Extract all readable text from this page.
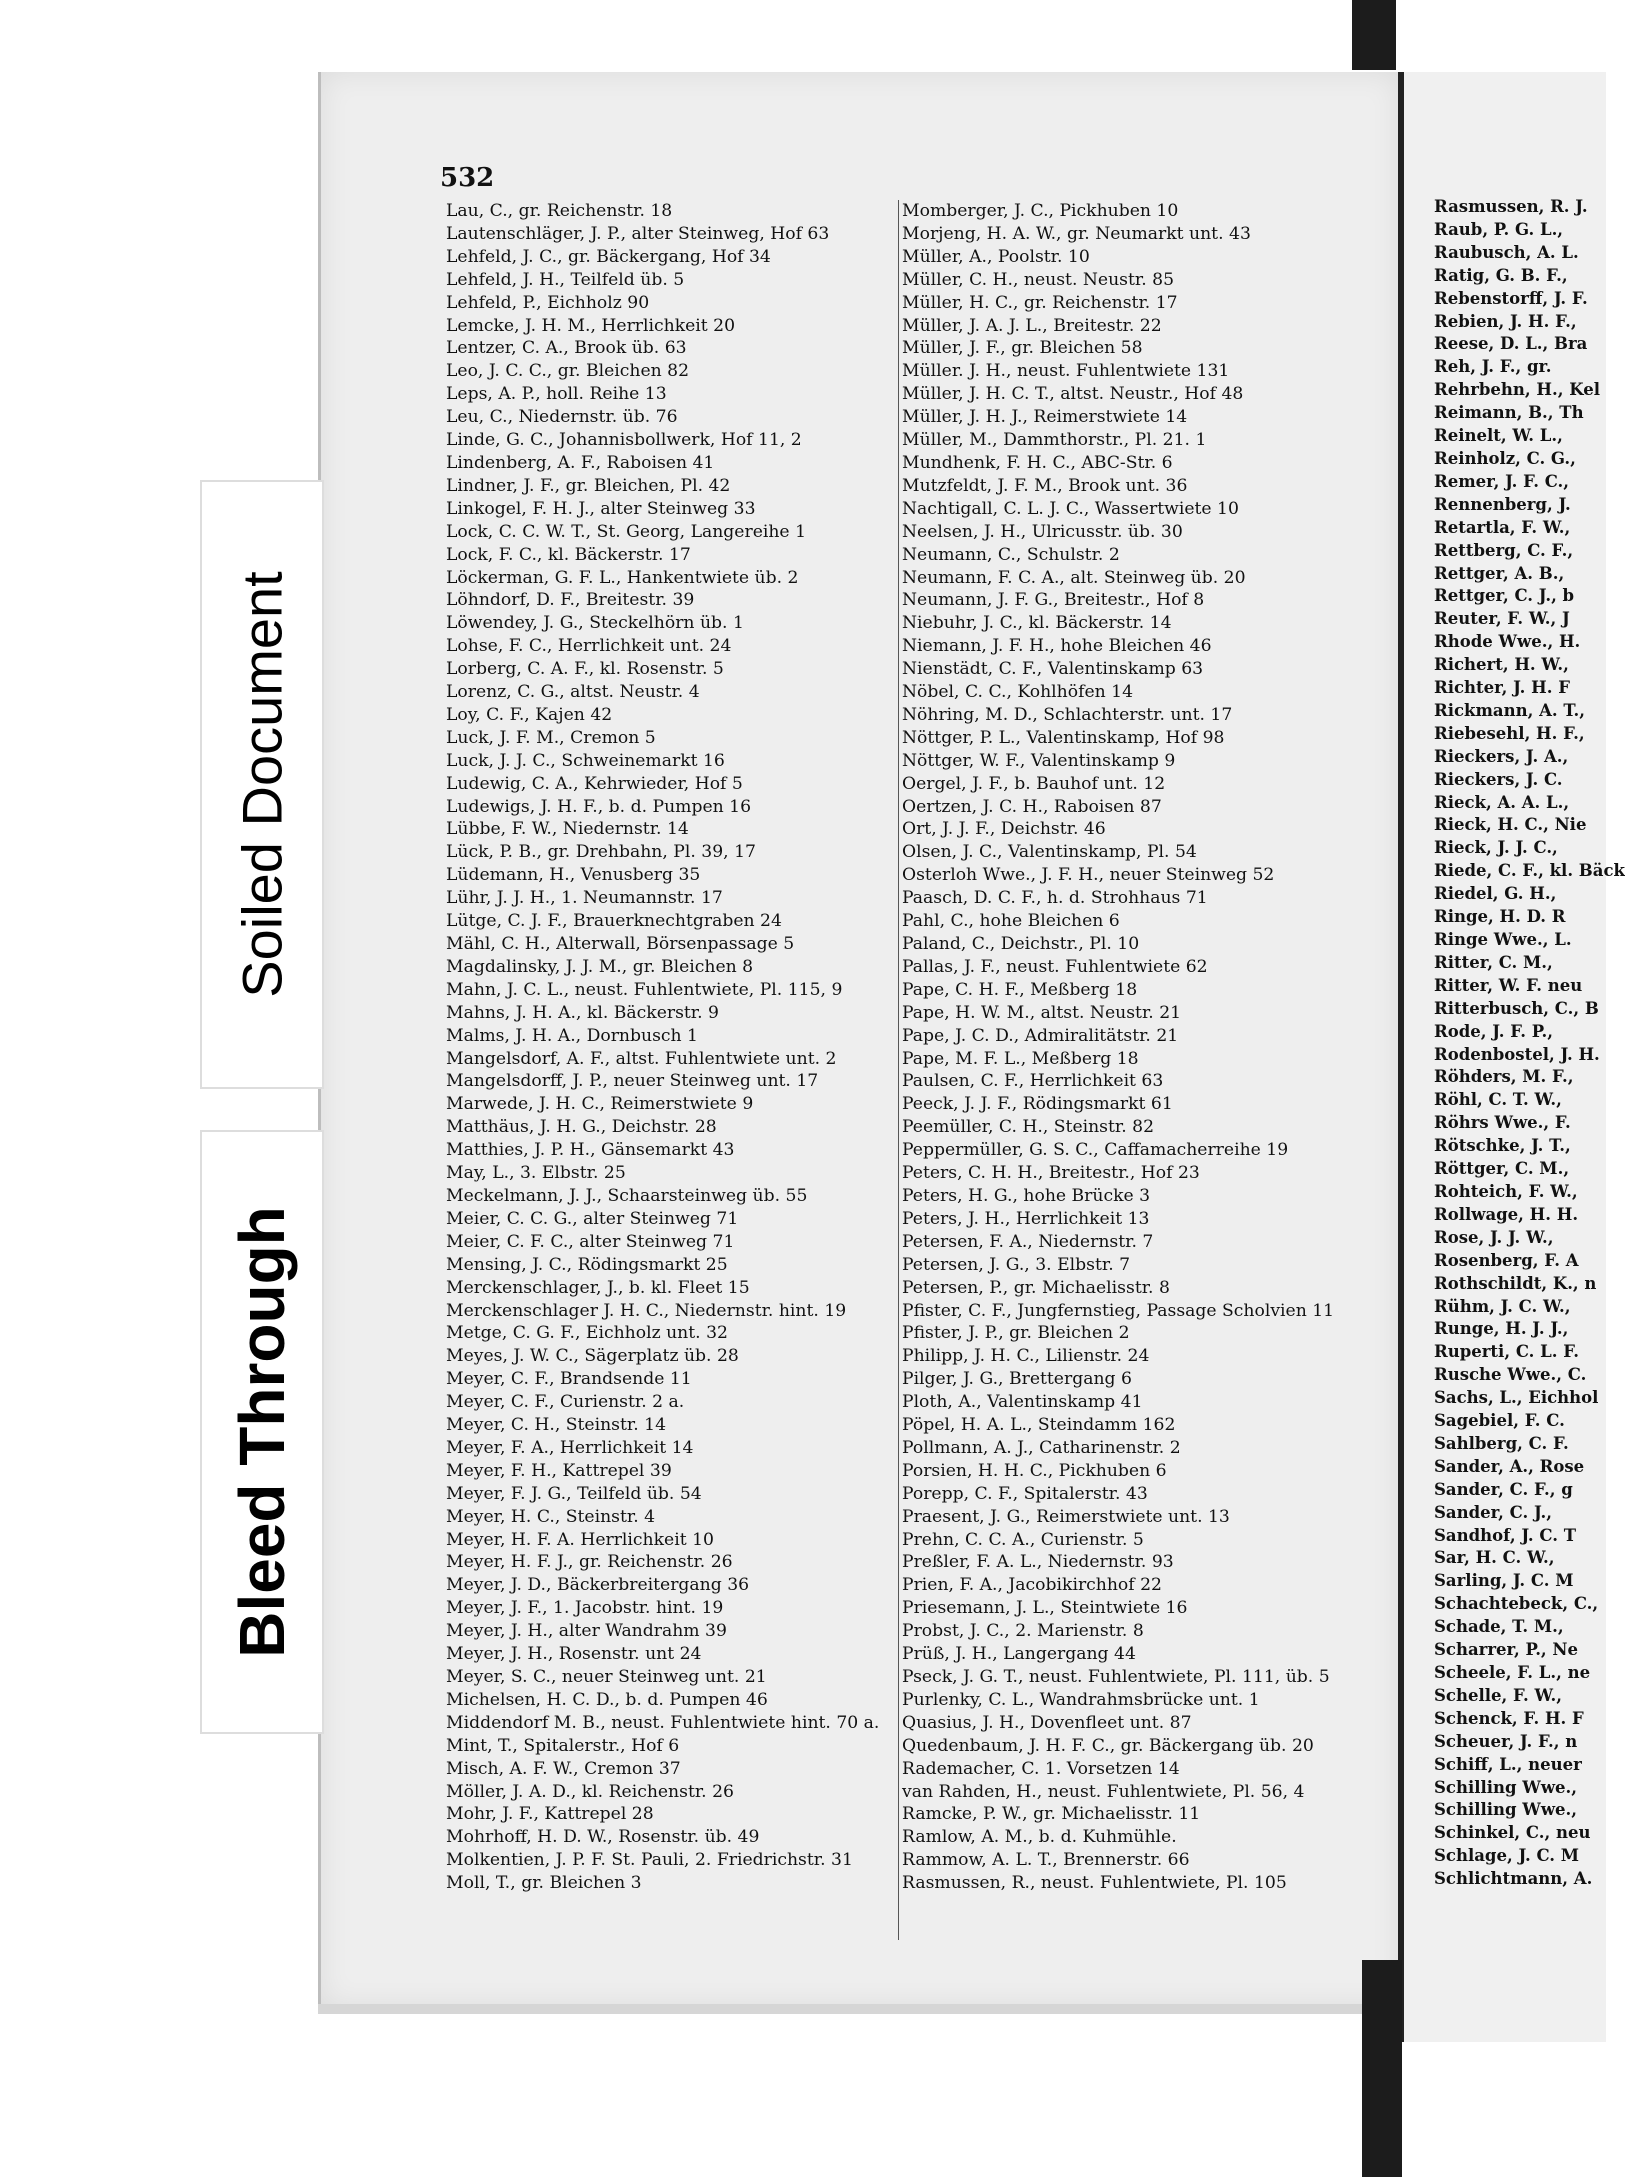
Soiled Document
Bleed Through

532

Lau, C., gr. Reichenstr. 18
Lautenschläger, J. P., alter Steinweg, Hof 63
Lehfeld, J. C., gr. Bäckergang, Hof 34
Lehfeld, J. H., Teilfeld üb. 5
Lehfeld, P., Eichholz 90
Lemcke, J. H. M., Herrlichkeit 20
Lentzer, C. A., Brook üb. 63
Leo, J. C. C., gr. Bleichen 82
Leps, A. P., holl. Reihe 13
Leu, C., Niedernstr. üb. 76
Linde, G. C., Johannisbollwerk, Hof 11, 2
Lindenberg, A. F., Raboisen 41
Lindner, J. F., gr. Bleichen, Pl. 42
Linkogel, F. H. J., alter Steinweg 33
Lock, C. C. W. T., St. Georg, Langereihe 1
Lock, F. C., kl. Bäckerstr. 17
Löckerman, G. F. L., Hankentwiete üb. 2
Löhndorf, D. F., Breitestr. 39
Löwendey, J. G., Steckelhörn üb. 1
Lohse, F. C., Herrlichkeit unt. 24
Lorberg, C. A. F., kl. Rosenstr. 5
Lorenz, C. G., altst. Neustr. 4
Loy, C. F., Kajen 42
Luck, J. F. M., Cremon 5
Luck, J. J. C., Schweinemarkt 16
Ludewig, C. A., Kehrwieder, Hof 5
Ludewigs, J. H. F., b. d. Pumpen 16
Lübbe, F. W., Niedernstr. 14
Lück, P. B., gr. Drehbahn, Pl. 39, 17
Lüdemann, H., Venusberg 35
Lühr, J. J. H., 1. Neumannstr. 17
Lütge, C. J. F., Brauerknechtgraben 24
Mähl, C. H., Alterwall, Börsenpassage 5
Magdalinsky, J. J. M., gr. Bleichen 8
Mahn, J. C. L., neust. Fuhlentwiete, Pl. 115, 9
Mahns, J. H. A., kl. Bäckerstr. 9
Malms, J. H. A., Dornbusch 1
Mangelsdorf, A. F., altst. Fuhlentwiete unt. 2
Mangelsdorff, J. P., neuer Steinweg unt. 17
Marwede, J. H. C., Reimerstwiete 9
Matthäus, J. H. G., Deichstr. 28
Matthies, J. P. H., Gänsemarkt 43
May, L., 3. Elbstr. 25
Meckelmann, J. J., Schaarsteinweg üb. 55
Meier, C. C. G., alter Steinweg 71
Meier, C. F. C., alter Steinweg 71
Mensing, J. C., Rödingsmarkt 25
Merckenschlager, J., b. kl. Fleet 15
Merckenschlager J. H. C., Niedernstr. hint. 19
Metge, C. G. F., Eichholz unt. 32
Meyes, J. W. C., Sägerplatz üb. 28
Meyer, C. F., Brandsende 11
Meyer, C. F., Curienstr. 2 a.
Meyer, C. H., Steinstr. 14
Meyer, F. A., Herrlichkeit 14
Meyer, F. H., Kattrepel 39
Meyer, F. J. G., Teilfeld üb. 54
Meyer, H. C., Steinstr. 4
Meyer, H. F. A. Herrlichkeit 10
Meyer, H. F. J., gr. Reichenstr. 26
Meyer, J. D., Bäckerbreitergang 36
Meyer, J. F., 1. Jacobstr. hint. 19
Meyer, J. H., alter Wandrahm 39
Meyer, J. H., Rosenstr. unt 24
Meyer, S. C., neuer Steinweg unt. 21
Michelsen, H. C. D., b. d. Pumpen 46
Middendorf M. B., neust. Fuhlentwiete hint. 70 a.
Mint, T., Spitalerstr., Hof 6
Misch, A. F. W., Cremon 37
Möller, J. A. D., kl. Reichenstr. 26
Mohr, J. F., Kattrepel 28
Mohrhoff, H. D. W., Rosenstr. üb. 49
Molkentien, J. P. F. St. Pauli, 2. Friedrichstr. 31
Moll, T., gr. Bleichen 3
Momberger, J. C., Pickhuben 10
Morjeng, H. A. W., gr. Neumarkt unt. 43
Müller, A., Poolstr. 10
Müller, C. H., neust. Neustr. 85
Müller, H. C., gr. Reichenstr. 17
Müller, J. A. J. L., Breitestr. 22
Müller, J. F., gr. Bleichen 58
Müller. J. H., neust. Fuhlentwiete 131
Müller, J. H. C. T., altst. Neustr., Hof 48
Müller, J. H. J., Reimerstwiete 14
Müller, M., Dammthorstr., Pl. 21. 1
Mundhenk, F. H. C., ABC-Str. 6
Mutzfeldt, J. F. M., Brook unt. 36
Nachtigall, C. L. J. C., Wassertwiete 10
Neelsen, J. H., Ulricusstr. üb. 30
Neumann, C., Schulstr. 2
Neumann, F. C. A., alt. Steinweg üb. 20
Neumann, J. F. G., Breitestr., Hof 8
Niebuhr, J. C., kl. Bäckerstr. 14
Niemann, J. F. H., hohe Bleichen 46
Nienstädt, C. F., Valentinskamp 63
Nöbel, C. C., Kohlhöfen 14
Nöhring, M. D., Schlachterstr. unt. 17
Nöttger, P. L., Valentinskamp, Hof 98
Nöttger, W. F., Valentinskamp 9
Oergel, J. F., b. Bauhof unt. 12
Oertzen, J. C. H., Raboisen 87
Ort, J. J. F., Deichstr. 46
Olsen, J. C., Valentinskamp, Pl. 54
Osterloh Wwe., J. F. H., neuer Steinweg 52
Paasch, D. C. F., h. d. Strohhaus 71
Pahl, C., hohe Bleichen 6
Paland, C., Deichstr., Pl. 10
Pallas, J. F., neust. Fuhlentwiete 62
Pape, C. H. F., Meßberg 18
Pape, H. W. M., altst. Neustr. 21
Pape, J. C. D., Admiralitätstr. 21
Pape, M. F. L., Meßberg 18
Paulsen, C. F., Herrlichkeit 63
Peeck, J. J. F., Rödingsmarkt 61
Peemüller, C. H., Steinstr. 82
Peppermüller, G. S. C., Caffamacherreihe 19
Peters, C. H. H., Breitestr., Hof 23
Peters, H. G., hohe Brücke 3
Peters, J. H., Herrlichkeit 13
Petersen, F. A., Niedernstr. 7
Petersen, J. G., 3. Elbstr. 7
Petersen, P., gr. Michaelisstr. 8
Pfister, C. F., Jungfernstieg, Passage Scholvien 11
Pfister, J. P., gr. Bleichen 2
Philipp, J. H. C., Lilienstr. 24
Pilger, J. G., Brettergang 6
Ploth, A., Valentinskamp 41
Pöpel, H. A. L., Steindamm 162
Pollmann, A. J., Catharinenstr. 2
Porsien, H. H. C., Pickhuben 6
Porepp, C. F., Spitalerstr. 43
Praesent, J. G., Reimerstwiete unt. 13
Prehn, C. C. A., Curienstr. 5
Preßler, F. A. L., Niedernstr. 93
Prien, F. A., Jacobikirchhof 22
Priesemann, J. L., Steintwiete 16
Probst, J. C., 2. Marienstr. 8
Prüß, J. H., Langergang 44
Pseck, J. G. T., neust. Fuhlentwiete, Pl. 111, üb. 5
Purlenky, C. L., Wandrahmsbrücke unt. 1
Quasius, J. H., Dovenfleet unt. 87
Quedenbaum, J. H. F. C., gr. Bäckergang üb. 20
Rademacher, C. 1. Vorsetzen 14
van Rahden, H., neust. Fuhlentwiete, Pl. 56, 4
Ramcke, P. W., gr. Michaelisstr. 11
Ramlow, A. M., b. d. Kuhmühle.
Rammow, A. L. T., Brennerstr. 66
Rasmussen, R., neust. Fuhlentwiete, Pl. 105
Rasmussen, R. J.
Raub, P. G. L.,
Raubusch, A. L.
Ratig, G. B. F.,
Rebenstorff, J. F.
Rebien, J. H. F.,
Reese, D. L., Bra
Reh, J. F., gr.
Rehrbehn, H., Kel
Reimann, B., Th
Reinelt, W. L.,
Reinholz, C. G.,
Remer, J. F. C.,
Rennenberg, J.
Retartla, F. W.,
Rettberg, C. F.,
Rettger, A. B.,
Rettger, C. J., b
Reuter, F. W., J
Rhode Wwe., H.
Richert, H. W.,
Richter, J. H. F
Rickmann, A. T.,
Riebesehl, H. F.,
Rieckers, J. A.,
Rieckers, J. C.
Rieck, A. A. L.,
Rieck, H. C., Nie
Rieck, J. J. C.,
Riede, C. F., kl. Bäck
Riedel, G. H.,
Ringe, H. D. R
Ringe Wwe., L.
Ritter, C. M.,
Ritter, W. F. neu
Ritterbusch, C., B
Rode, J. F. P.,
Rodenbostel, J. H.
Röhders, M. F.,
Röhl, C. T. W.,
Röhrs Wwe., F.
Rötschke, J. T.,
Röttger, C. M.,
Rohteich, F. W.,
Rollwage, H. H.
Rose, J. J. W.,
Rosenberg, F. A
Rothschildt, K., n
Rühm, J. C. W.,
Runge, H. J. J.,
Ruperti, C. L. F.
Rusche Wwe., C.
Sachs, L., Eichhol
Sagebiel, F. C.
Sahlberg, C. F.
Sander, A., Rose
Sander, C. F., g
Sander, C. J.,
Sandhof, J. C. T
Sar, H. C. W.,
Sarling, J. C. M
Schachtebeck, C.,
Schade, T. M.,
Scharrer, P., Ne
Scheele, F. L., ne
Schelle, F. W.,
Schenck, F. H. F
Scheuer, J. F., n
Schiff, L., neuer
Schilling Wwe.,
Schilling Wwe.,
Schinkel, C., neu
Schlage, J. C. M
Schlichtmann, A.
